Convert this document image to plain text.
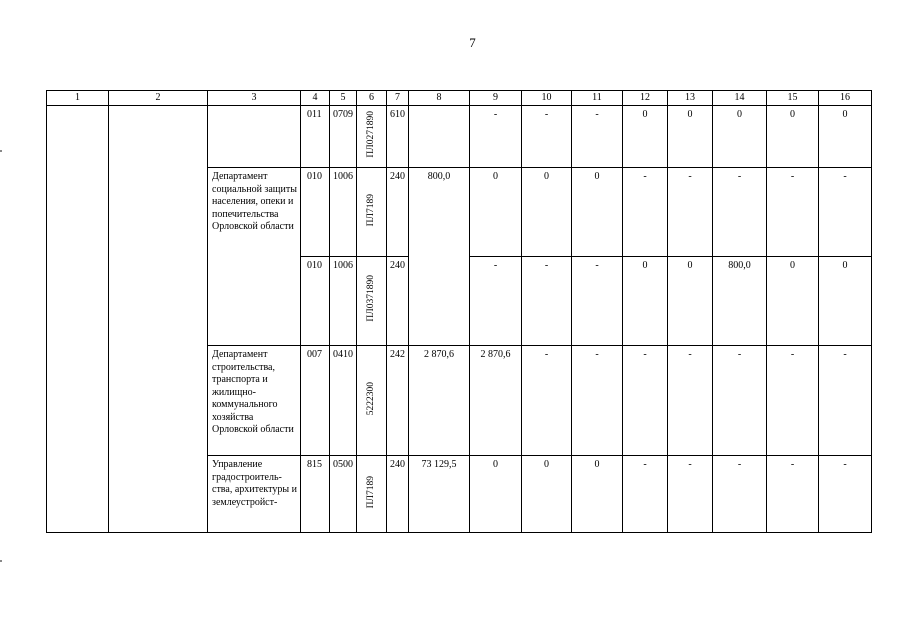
7
1	2	3	4	5	6	7	8	9	10	11	12	13	14	15	16
			011	0709	ПЛ0271890	610		-	-	-	0	0	0	0	0
		Департамент социальной защиты населения, опеки и попечительства Орловской области	010	1006	ПЛ7189	240	800,0	0	0	0	-	-	-	-	-
			010	1006	ПЛ0371890	240		-	-	-	0	0	800,0	0	0
		Департамент строительства, транспорта и жилищно-коммунального хозяйства Орловской области	007	0410	5222300	242	2 870,6	2 870,6	-	-	-	-	-	-	-
		Управление градостроитель-ства, архитектуры и землеустройст-	815	0500	ПЛ7189	240	73 129,5	0	0	0	-	-	-	-	-
